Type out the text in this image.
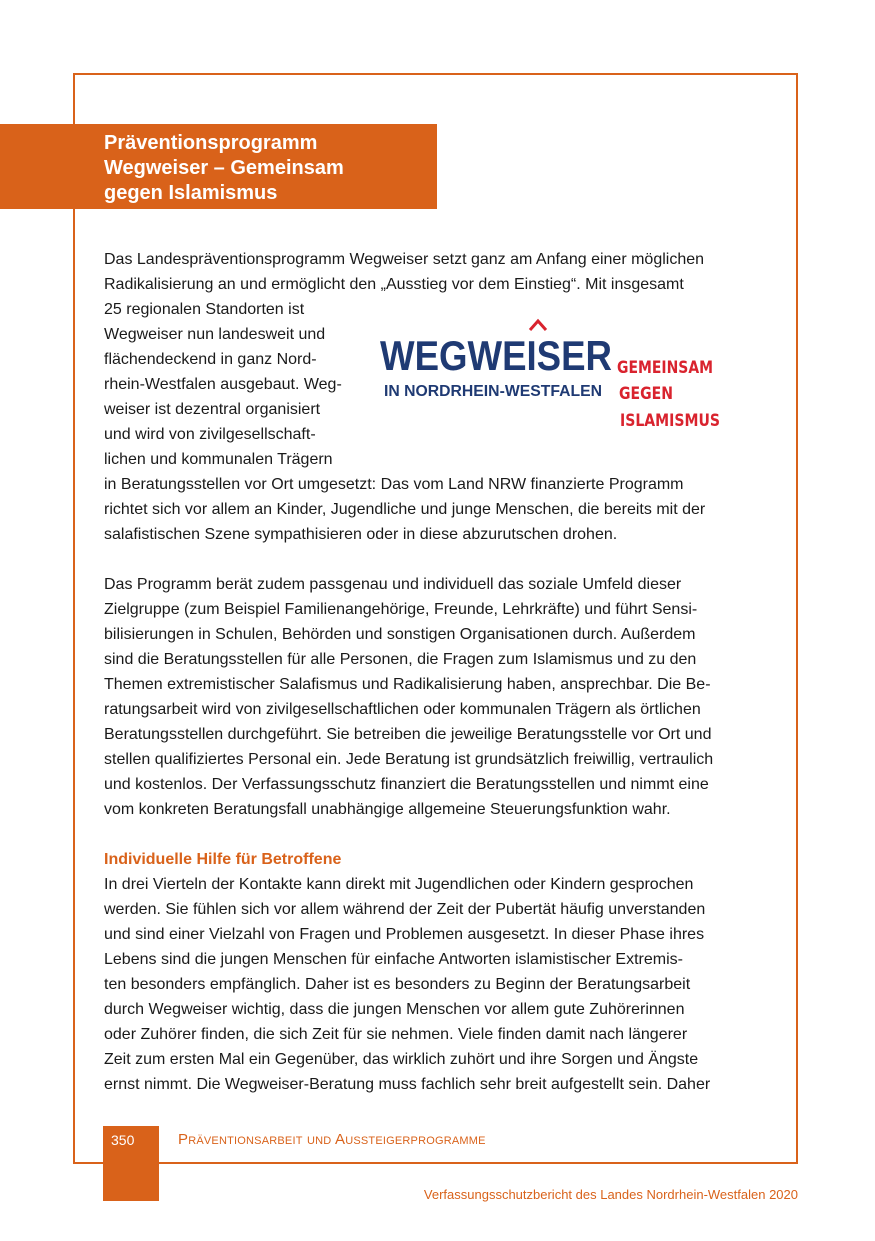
Präventionsprogramm
Wegweiser – Gemeinsam
gegen Islamismus
WEGWEISER
IN NORDRHEIN-WESTFALEN
GEMEINSAM
GEGEN
ISLAMISMUS
Das Landespräventionsprogramm Wegweiser setzt ganz am Anfang einer möglichen
Radikalisierung an und ermöglicht den „Ausstieg vor dem Einstieg“. Mit insgesamt
25 regionalen Standorten ist
Wegweiser nun landesweit und
flächendeckend in ganz Nord-
rhein-Westfalen ausgebaut. Weg-
weiser ist dezentral organisiert
und wird von zivilgesellschaft-
lichen und kommunalen Trägern
in Beratungsstellen vor Ort umgesetzt: Das vom Land NRW finanzierte Programm
richtet sich vor allem an Kinder, Jugendliche und junge Menschen, die bereits mit der
salafistischen Szene sympathisieren oder in diese abzurutschen drohen.
Das Programm berät zudem passgenau und individuell das soziale Umfeld dieser
Zielgruppe (zum Beispiel Familienangehörige, Freunde, Lehrkräfte) und führt Sensi-
bilisierungen in Schulen, Behörden und sonstigen Organisationen durch. Außerdem
sind die Beratungsstellen für alle Personen, die Fragen zum Islamismus und zu den
Themen extremistischer Salafismus und Radikalisierung haben, ansprechbar. Die Be-
ratungsarbeit wird von zivilgesellschaftlichen oder kommunalen Trägern als örtlichen
Beratungsstellen durchgeführt. Sie betreiben die jeweilige Beratungsstelle vor Ort und
stellen qualifiziertes Personal ein. Jede Beratung ist grundsätzlich freiwillig, vertraulich
und kostenlos. Der Verfassungsschutz finanziert die Beratungsstellen und nimmt eine
vom konkreten Beratungsfall unabhängige allgemeine Steuerungsfunktion wahr.
Individuelle Hilfe für Betroffene
In drei Vierteln der Kontakte kann direkt mit Jugendlichen oder Kindern gesprochen
werden. Sie fühlen sich vor allem während der Zeit der Pubertät häufig unverstanden
und sind einer Vielzahl von Fragen und Problemen ausgesetzt. In dieser Phase ihres
Lebens sind die jungen Menschen für einfache Antworten islamistischer Extremis-
ten besonders empfänglich. Daher ist es besonders zu Beginn der Beratungsarbeit
durch Wegweiser wichtig, dass die jungen Menschen vor allem gute Zuhörerinnen
oder Zuhörer finden, die sich Zeit für sie nehmen. Viele finden damit nach längerer
Zeit zum ersten Mal ein Gegenüber, das wirklich zuhört und ihre Sorgen und Ängste
ernst nimmt. Die Wegweiser-Beratung muss fachlich sehr breit aufgestellt sein. Daher
350	Präventionsarbeit und Aussteigerprogramme
Verfassungsschutzbericht des Landes Nordrhein-Westfalen 2020
